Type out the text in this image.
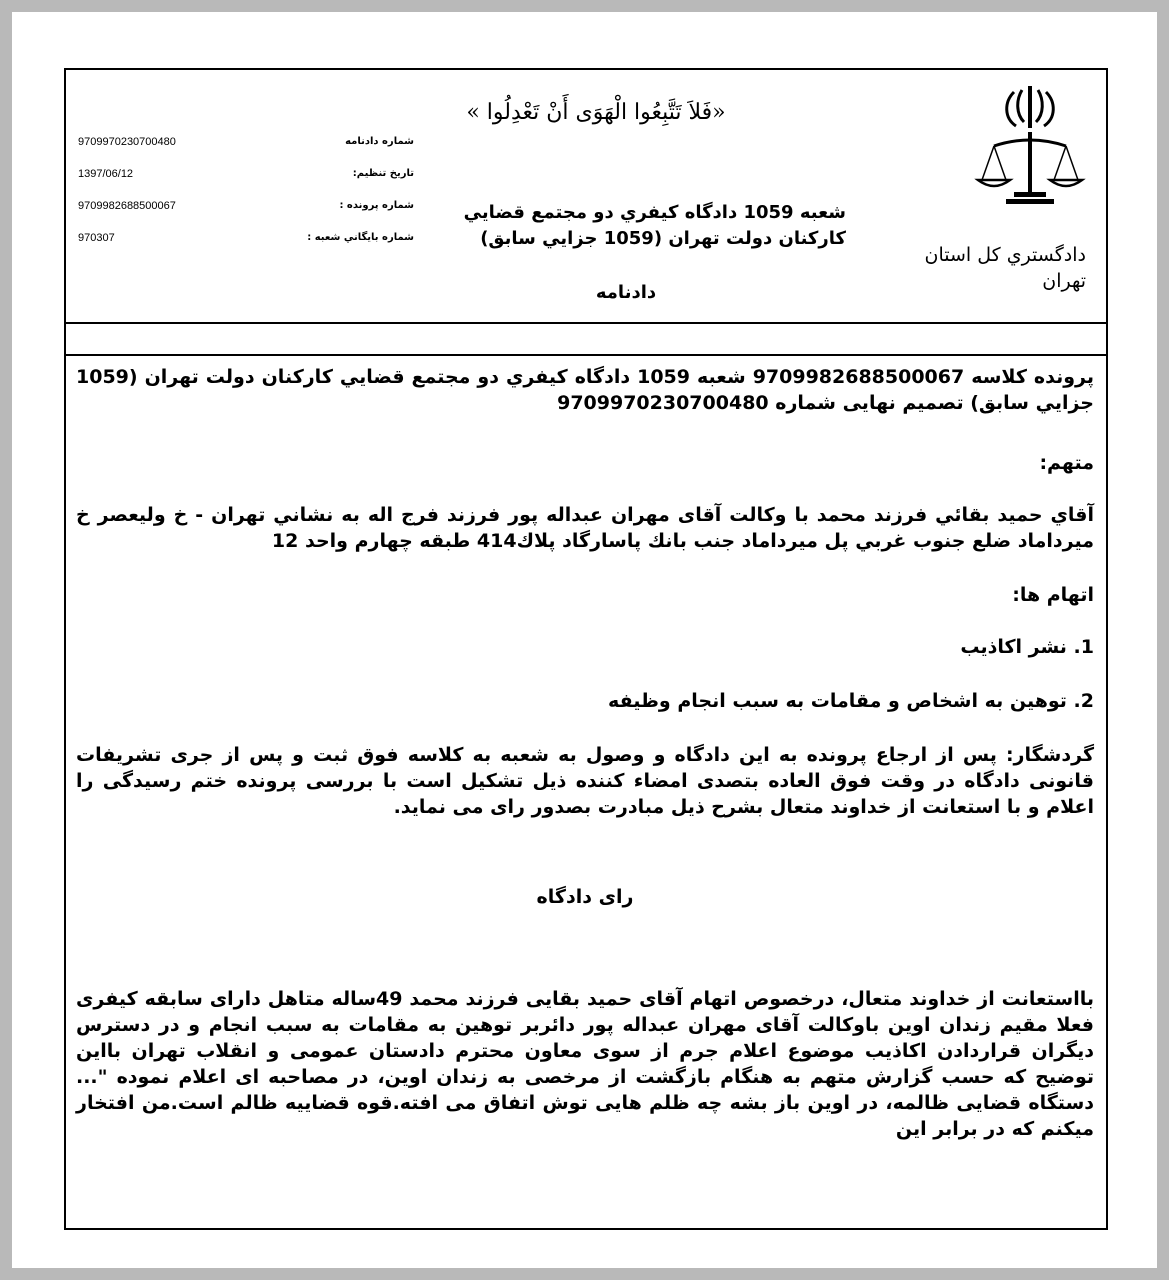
«فَلاَ تَتَّبِعُوا الْهَوَى أَنْ تَعْدِلُوا »
دادگستري کل استان تهران
شعبه 1059 دادگاه کيفري دو مجتمع قضايي کارکنان دولت تهران (1059 جزايي سابق)
دادنامه
9709970230700480	شماره دادنامه
1397/06/12	تاريخ تنظيم:
9709982688500067	شماره پرونده :
970307	شماره بايگاني شعبه :

پرونده كلاسه 9709982688500067 شعبه 1059 دادگاه کيفري دو مجتمع قضايي کارکنان دولت تهران (1059 جزايي سابق) تصميم نهایی شماره 9709970230700480

متهم:

آقاي حميد بقائي فرزند محمد با وكالت آقای مهران عبداله پور فرزند فرج اله به نشاني تهران - خ وليعصر خ ميرداماد ضلع جنوب غربي پل ميرداماد جنب بانك پاسارگاد پلاك414 طبقه چهارم واحد 12

اتهام ها:

1. نشر اکاذیب

2. توهين به اشخاص و مقامات به سبب انجام وظیفه

گردشگار: پس از ارجاع پرونده به این دادگاه و وصول به شعبه به کلاسه فوق ثبت و پس از جری تشریفات قانونی دادگاه در وقت فوق العاده بتصدی امضاء کننده ذیل تشکیل است با بررسی پرونده ختم رسیدگی را اعلام و با استعانت از خداوند متعال بشرح ذیل مبادرت بصدور رای می نماید.

رای دادگاه

بااستعانت از خداوند متعال، درخصوص اتهام آقای حمید بقایی فرزند محمد 49ساله متاهل دارای سابقه کیفری فعلا مقیم زندان اوین باوکالت آقای مهران عبداله پور دائربر توهین به مقامات به سبب انجام و در دسترس دیگران قراردادن اکاذیب موضوع اعلام جرم از سوی معاون محترم دادستان عمومی و انقلاب تهران بااین توضیح که حسب گزارش متهم به هنگام بازگشت از مرخصی به زندان اوین، در مصاحبه ای اعلام نموده "... دستگاه قضایی ظالمه، در اوین باز بشه چه ظلم هایی توش اتفاق می افته.قوه قضاییه ظالم است.من افتخار میکنم که در برابر این
